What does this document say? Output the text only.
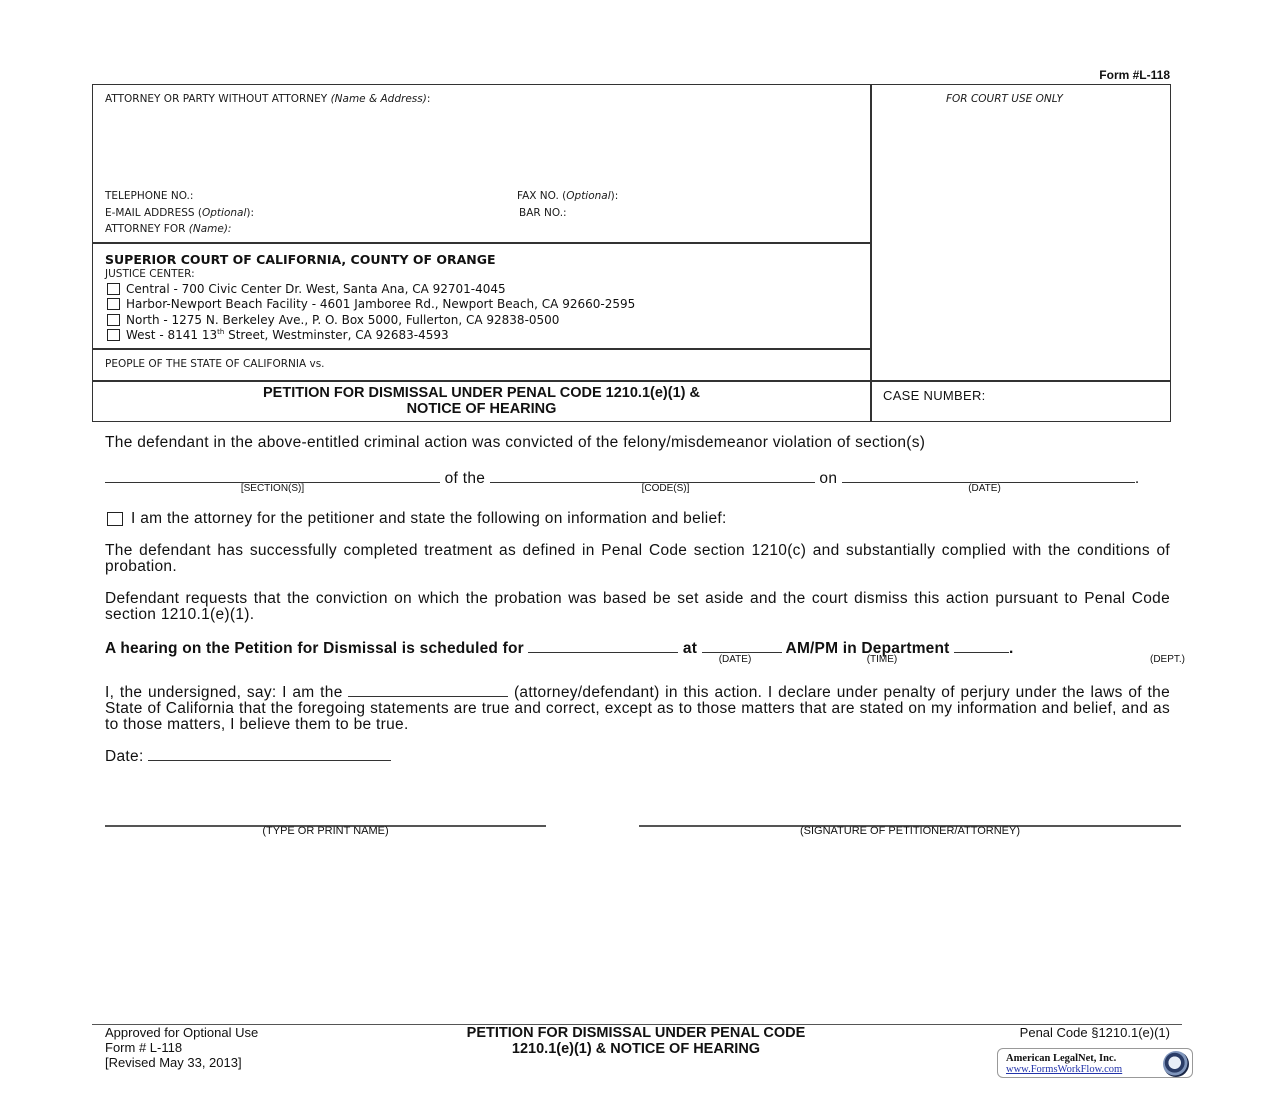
Form #L-118
ATTORNEY OR PARTY WITHOUT ATTORNEY (Name & Address):
TELEPHONE NO.:	FAX NO. (Optional):
E-MAIL ADDRESS (Optional):	BAR NO.:
ATTORNEY FOR (Name):
FOR COURT USE ONLY
SUPERIOR COURT OF CALIFORNIA, COUNTY OF ORANGE
JUSTICE CENTER:
Central - 700 Civic Center Dr. West, Santa Ana, CA 92701-4045
Harbor-Newport Beach Facility - 4601 Jamboree Rd., Newport Beach, CA 92660-2595
North - 1275 N. Berkeley Ave., P. O. Box 5000, Fullerton, CA 92838-0500
West - 8141 13th Street, Westminster, CA 92683-4593
PEOPLE OF THE STATE OF CALIFORNIA vs.
PETITION FOR DISMISSAL UNDER PENAL CODE 1210.1(e)(1) &
NOTICE OF HEARING
CASE NUMBER:
The defendant in the above-entitled criminal action was convicted of the felony/misdemeanor violation of section(s)
of the	on	.
[SECTION(S)]	[CODE(S)]	(DATE)
I am the attorney for the petitioner and state the following on information and belief:
The defendant has successfully completed treatment as defined in Penal Code section 1210(c) and substantially complied with the conditions of probation.
Defendant requests that the conviction on which the probation was based be set aside and the court dismiss this action pursuant to Penal Code section 1210.1(e)(1).
A hearing on the Petition for Dismissal is scheduled for	at	AM/PM in Department	.
(DATE)	(TIME)	(DEPT.)
I, the undersigned, say: I am the	(attorney/defendant) in this action. I declare under penalty of perjury under the laws of the State of California that the foregoing statements are true and correct, except as to those matters that are stated on my information and belief, and as to those matters, I believe them to be true.
Date:
(TYPE OR PRINT NAME)	(SIGNATURE OF PETITIONER/ATTORNEY)
Approved for Optional Use
Form # L-118
[Revised May 33, 2013]
PETITION FOR DISMISSAL UNDER PENAL CODE
1210.1(e)(1) & NOTICE OF HEARING
Penal Code §1210.1(e)(1)
American LegalNet, Inc.
www.FormsWorkFlow.com
